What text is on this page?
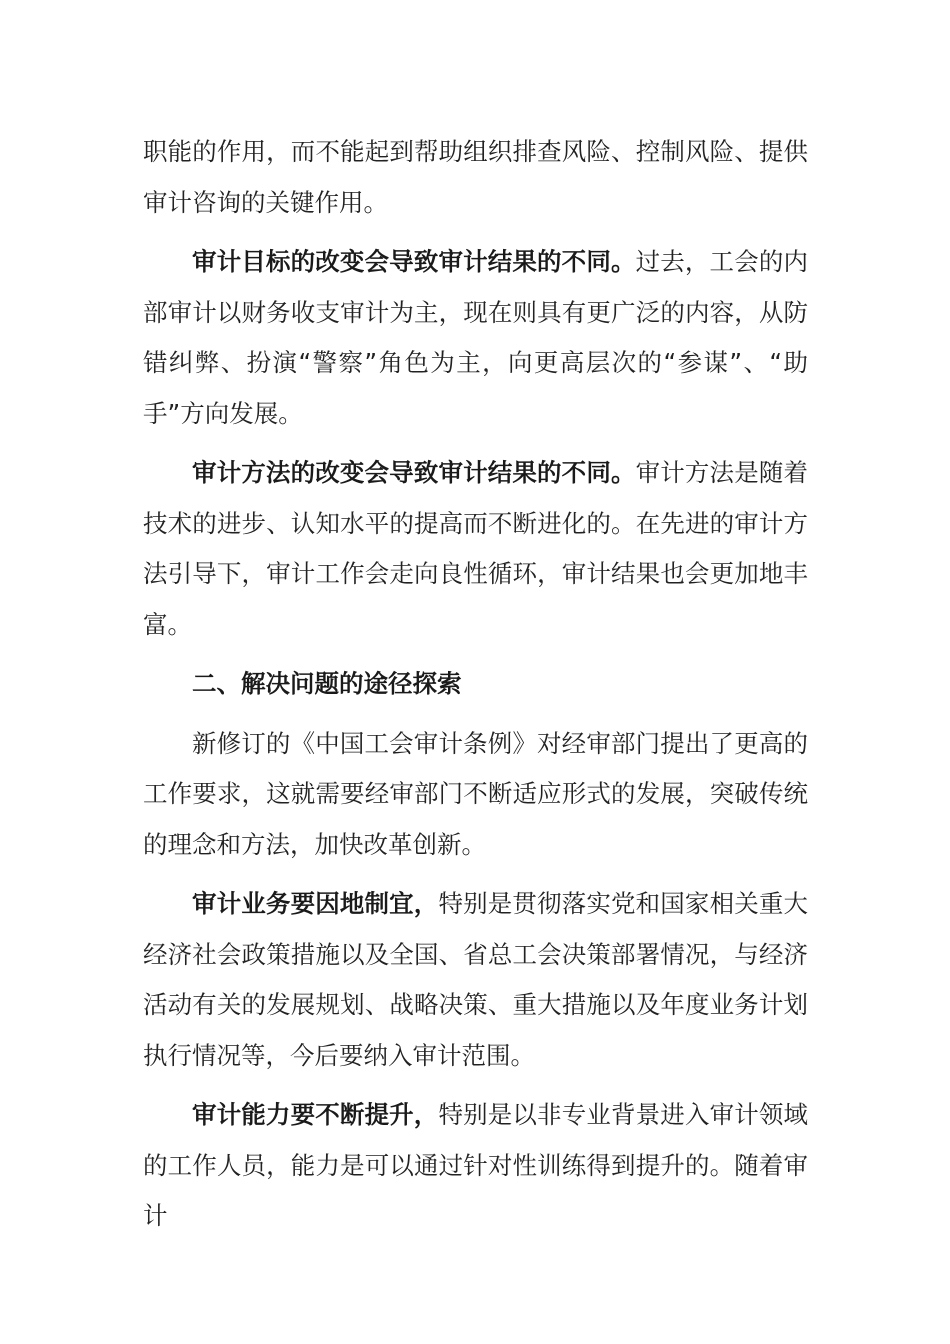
职能的作用，而不能起到帮助组织排查风险、控制风险、提供审计咨询的关键作用。

审计目标的改变会导致审计结果的不同。过去，工会的内部审计以财务收支审计为主，现在则具有更广泛的内容，从防错纠弊、扮演“警察”角色为主，向更高层次的“参谋”、“助手”方向发展。

审计方法的改变会导致审计结果的不同。审计方法是随着技术的进步、认知水平的提高而不断进化的。在先进的审计方法引导下，审计工作会走向良性循环，审计结果也会更加地丰富。

二、解决问题的途径探索

新修订的《中国工会审计条例》对经审部门提出了更高的工作要求，这就需要经审部门不断适应形式的发展，突破传统的理念和方法，加快改革创新。

审计业务要因地制宜，特别是贯彻落实党和国家相关重大经济社会政策措施以及全国、省总工会决策部署情况，与经济活动有关的发展规划、战略决策、重大措施以及年度业务计划执行情况等，今后要纳入审计范围。

审计能力要不断提升，特别是以非专业背景进入审计领域的工作人员，能力是可以通过针对性训练得到提升的。随着审计
